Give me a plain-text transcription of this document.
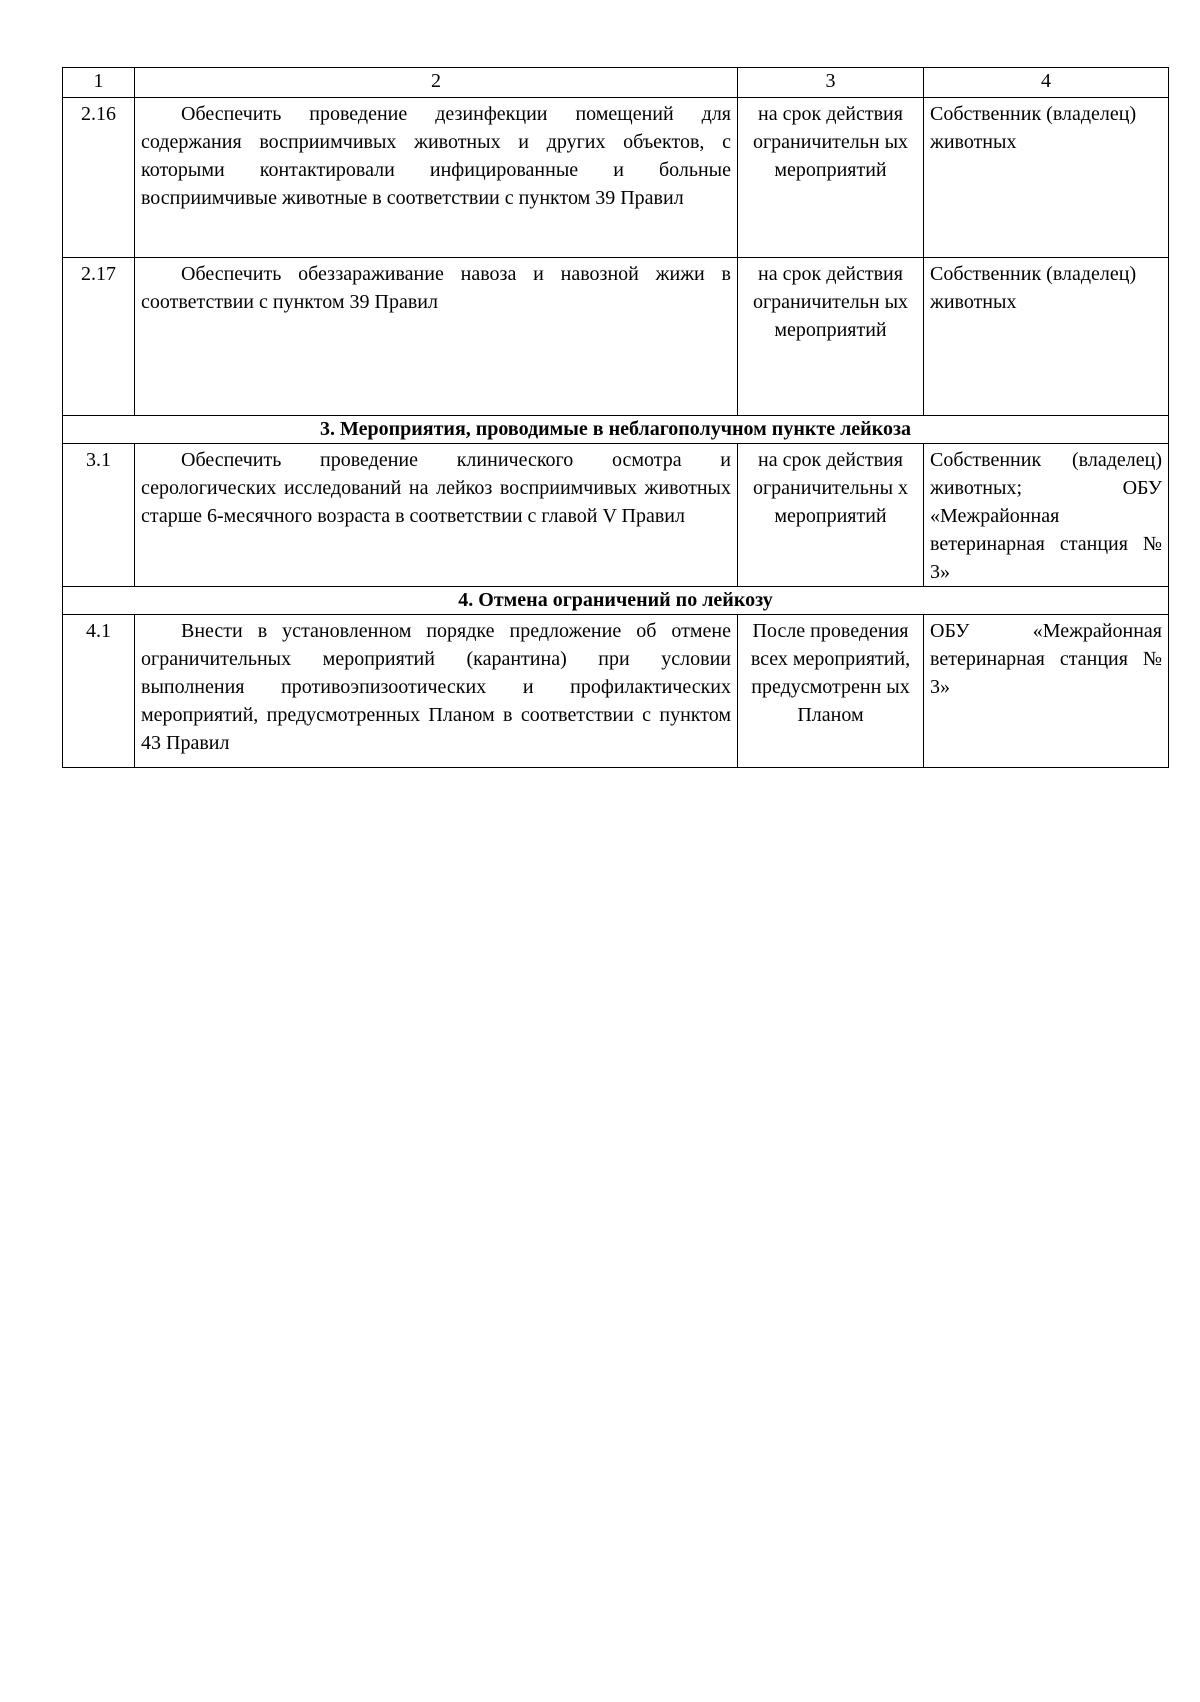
1	2	3	4
2.16	Обеспечить проведение дезинфекции помещений для содержания восприимчивых животных и других объектов, с которыми контактировали инфицированные и больные восприимчивые животные в соответствии с пунктом 39 Правил	на срок действия ограничительн ых мероприятий	Собственник (владелец) животных
2.17	Обеспечить обеззараживание навоза и навозной жижи в соответствии с пунктом 39 Правил	на срок действия ограничительн ых мероприятий	Собственник (владелец) животных
3. Мероприятия, проводимые в неблагополучном пункте лейкоза			
3.1	Обеспечить проведение клинического осмотра и серологических исследований на лейкоз восприимчивых животных старше 6-месячного возраста в соответствии с главой V Правил	на срок действия ограничительны х мероприятий	Собственник (владелец) животных; ОБУ «Межрайонная ветеринарная станция № 3»
4. Отмена ограничений по лейкозу			
4.1	Внести в установленном порядке предложение об отмене ограничительных мероприятий (карантина) при условии выполнения противоэпизоотических и профилактических мероприятий, предусмотренных Планом в соответствии с пунктом 43 Правил	После проведения всех мероприятий, предусмотренн ых Планом	ОБУ «Межрайонная ветеринарная станция № 3»
